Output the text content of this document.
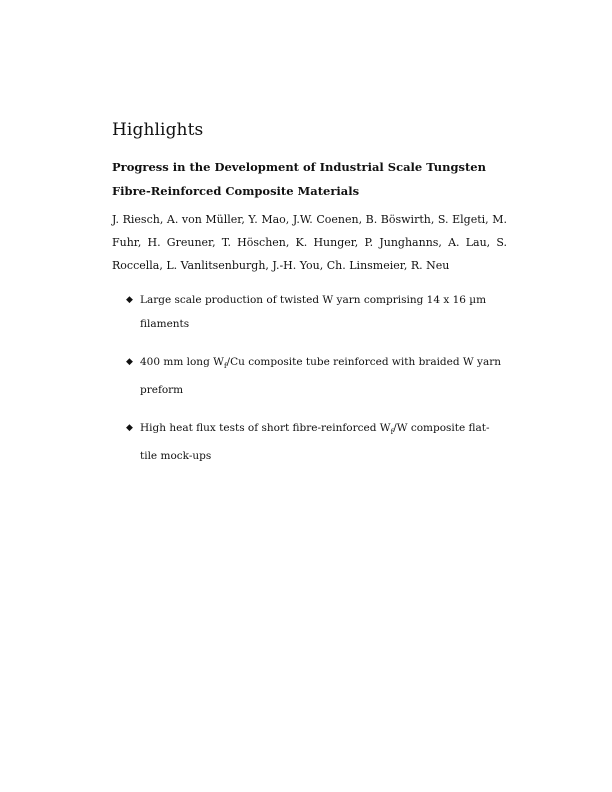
Highlights
Progress in the Development of Industrial Scale Tungsten Fibre-Reinforced Composite Materials
J. Riesch, A. von Müller, Y. Mao, J.W. Coenen, B. Böswirth, S. Elgeti, M. Fuhr, H. Greuner, T. Höschen, K. Hunger, P. Junghanns, A. Lau, S. Roccella, L. Vanlitsenburgh, J.-H. You, Ch. Linsmeier, R. Neu
◆ Large scale production of twisted W yarn comprising 14 x 16 µm filaments
◆ 400 mm long $W_f/Cu$ composite tube reinforced with braided W yarn preform
◆ High heat flux tests of short fibre-reinforced $W_f/W$ composite flat-tile mock-ups
